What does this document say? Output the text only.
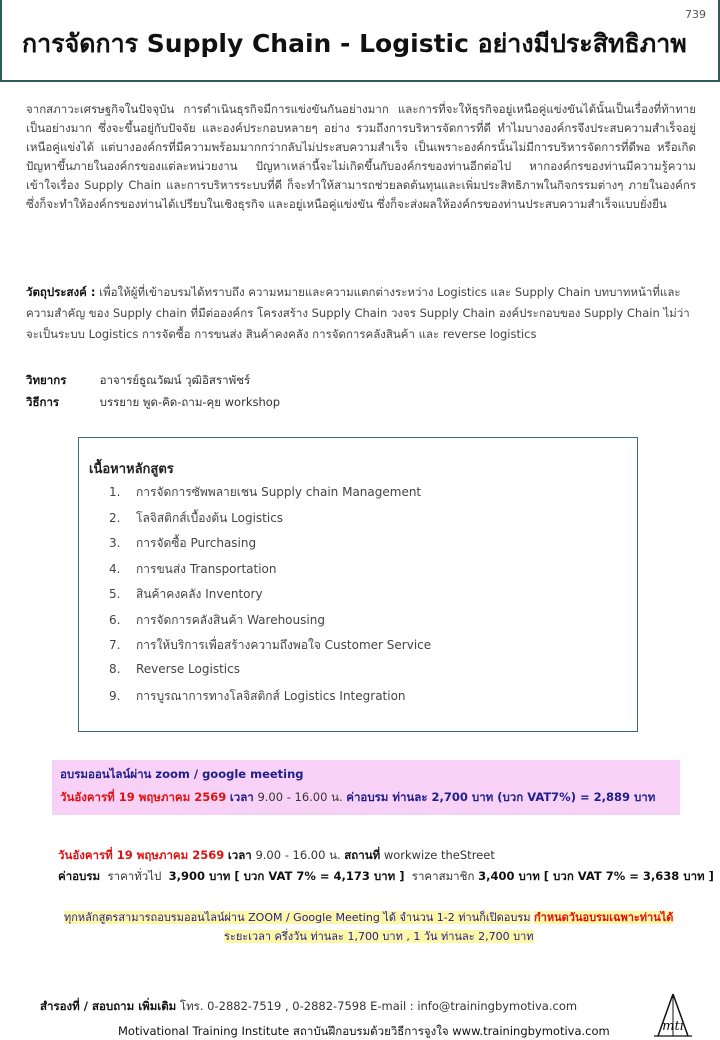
739
การจัดการ Supply Chain - Logistic อย่างมีประสิทธิภาพ

จากสภาวะเศรษฐกิจในปัจจุบัน การดำเนินธุรกิจมีการแข่งขันกันอย่างมาก และการที่จะให้ธุรกิจอยู่เหนือคู่แข่งขันได้นั้นเป็นเรื่องที่ท้าทายเป็นอย่างมาก ซึ่งจะขึ้นอยู่กับปัจจัย และองค์ประกอบหลายๆ อย่าง รวมถึงการบริหารจัดการที่ดี ทำไมบางองค์กรจึงประสบความสำเร็จอยู่เหนือคู่แข่งได้ แต่บางองค์กรที่มีความพร้อมมากกว่ากลับไม่ประสบความสำเร็จ เป็นเพราะองค์กรนั้นไม่มีการบริหารจัดการที่ดีพอ หรือเกิดปัญหาขึ้นภายในองค์กรของแต่ละหน่วยงาน ปัญหาเหล่านี้จะไม่เกิดขึ้นกับองค์กรของท่านอีกต่อไป หากองค์กรของท่านมีความรู้ความเข้าใจเรื่อง Supply Chain และการบริหารระบบที่ดี ก็จะทำให้สามารถช่วยลดต้นทุนและเพิ่มประสิทธิภาพในกิจกรรมต่างๆ ภายในองค์กร ซึ่งก็จะทำให้องค์กรของท่านได้เปรียบในเชิงธุรกิจ และอยู่เหนือคู่แข่งขัน ซึ่งก็จะส่งผลให้องค์กรของท่านประสบความสำเร็จแบบยั่งยืน

วัตถุประสงค์ : เพื่อให้ผู้ที่เข้าอบรมได้ทราบถึง ความหมายและความแตกต่างระหว่าง Logistics และ Supply Chain บทบาทหน้าที่และความสำคัญ ของ Supply chain ที่มีต่อองค์กร โครงสร้าง Supply Chain วงจร Supply Chain องค์ประกอบของ Supply Chain ไม่ว่าจะเป็นระบบ Logistics การจัดซื้อ การขนส่ง สินค้าคงคลัง การจัดการคลังสินค้า และ reverse logistics

วิทยากร	อาจารย์ธูณวัฒน์ วุฒิอิสราพัชร์
วิธีการ	บรรยาย พูด-คิด-ถาม-คุย workshop
เนื้อหาหลักสูตร
1. การจัดการซัพพลายเชน Supply chain Management
2. โลจิสติกส์เบื้องต้น Logistics
3. การจัดซื้อ Purchasing
4. การขนส่ง Transportation
5. สินค้าคงคลัง Inventory
6. การจัดการคลังสินค้า Warehousing
7. การให้บริการเพื่อสร้างความถึงพอใจ Customer Service
8. Reverse Logistics
9. การบูรณาการทางโลจิสติกส์ Logistics Integration
อบรมออนไลน์ผ่าน zoom / google meeting
วันอังคารที่ 19 พฤษภาคม 2569 เวลา 9.00 - 16.00 น. ค่าอบรม ท่านละ 2,700 บาท (บวก VAT7%) = 2,889 บาท
วันอังคารที่ 19 พฤษภาคม 2569 เวลา 9.00 - 16.00 น. สถานที่ workwize theStreet
ค่าอบรม ราคาทั่วไป 3,900 บาท [ บวก VAT 7% = 4,173 บาท ] ราคาสมาชิก 3,400 บาท [ บวก VAT 7% = 3,638 บาท ]
ทุกหลักสูตรสามารถอบรมออนไลน์ผ่าน ZOOM / Google Meeting ได้ จำนวน 1-2 ท่านก็เปิดอบรม กำหนดวันอบรมเฉพาะท่านได้
ระยะเวลา ครึ่งวัน ท่านละ 1,700 บาท , 1 วัน ท่านละ 2,700 บาท
สำรองที่ / สอบถาม เพิ่มเติม โทร. 0-2882-7519 , 0-2882-7598 E-mail : info@trainingbymotiva.com
Motivational Training Institute สถาบันฝึกอบรมด้วยวิธีการจูงใจ www.trainingbymotiva.com	mti
